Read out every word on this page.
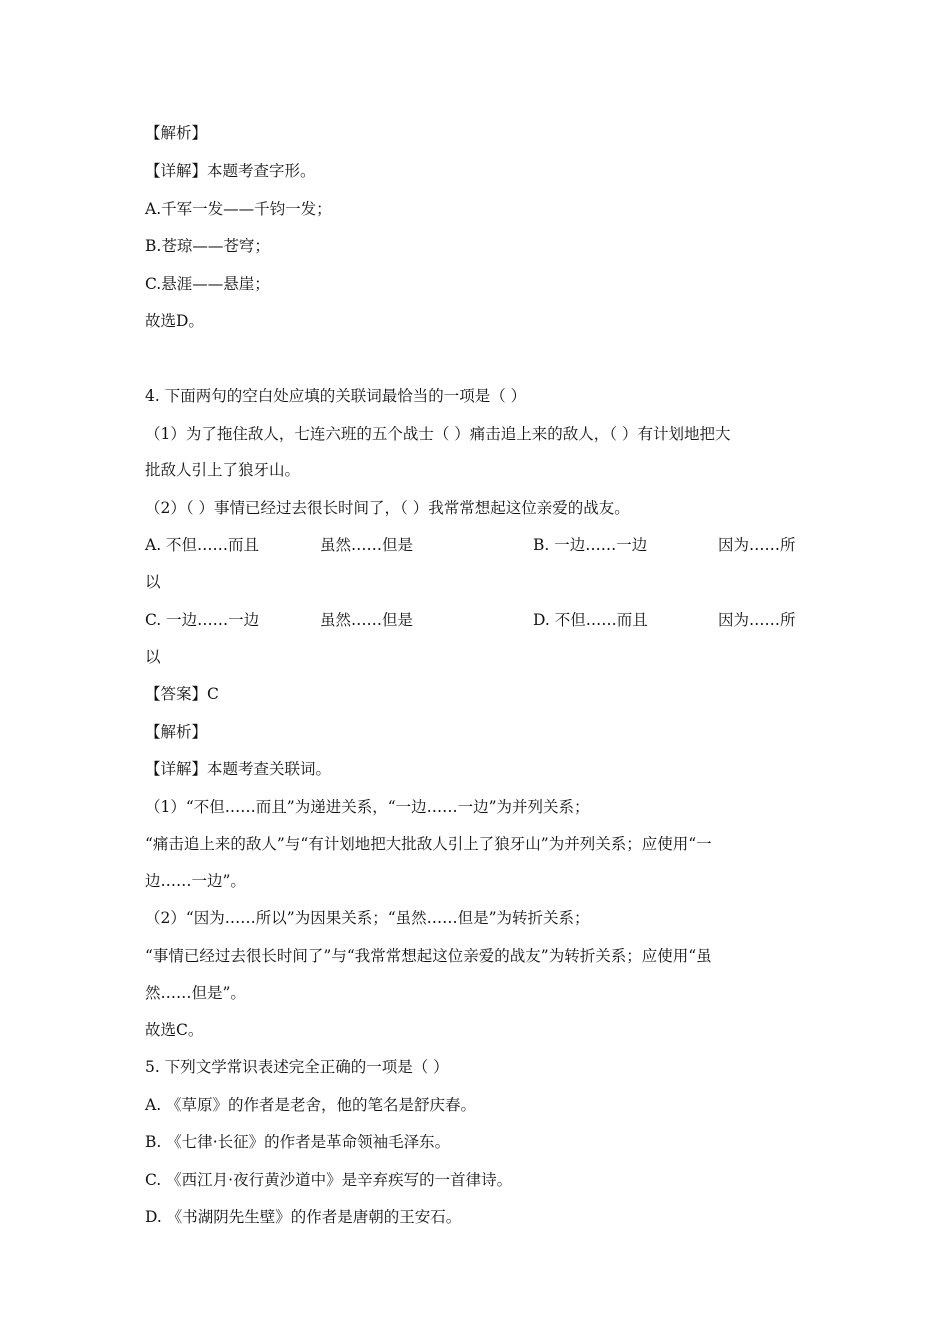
【解析】
【详解】本题考查字形。
A.千军一发——千钧一发；
B.苍琼——苍穹；
C.悬涯——悬崖；
故选D。
4. 下面两句的空白处应填的关联词最恰当的一项是（ ）
（1）为了拖住敌人，七连六班的五个战士（ ）痛击追上来的敌人，（ ）有计划地把大
批敌人引上了狼牙山。
（2）（ ）事情已经过去很长时间了，（ ）我常常想起这位亲爱的战友。
A. 不但……而且	虽然……但是	B. 一边……一边	因为……所
以
C. 一边……一边	虽然……但是	D. 不但……而且	因为……所
以
【答案】C
【解析】
【详解】本题考查关联词。
（1）“不但……而且”为递进关系，“一边……一边”为并列关系；
“痛击追上来的敌人”与“有计划地把大批敌人引上了狼牙山”为并列关系；应使用“一
边……一边”。
（2）“因为……所以”为因果关系；“虽然……但是”为转折关系；
“事情已经过去很长时间了”与“我常常想起这位亲爱的战友”为转折关系；应使用“虽
然……但是”。
故选C。
5. 下列文学常识表述完全正确的一项是（ ）
A. 《草原》的作者是老舍，他的笔名是舒庆春。
B. 《七律·长征》的作者是革命领袖毛泽东。
C. 《西江月·夜行黄沙道中》是辛弃疾写的一首律诗。
D. 《书湖阴先生壁》的作者是唐朝的王安石。
